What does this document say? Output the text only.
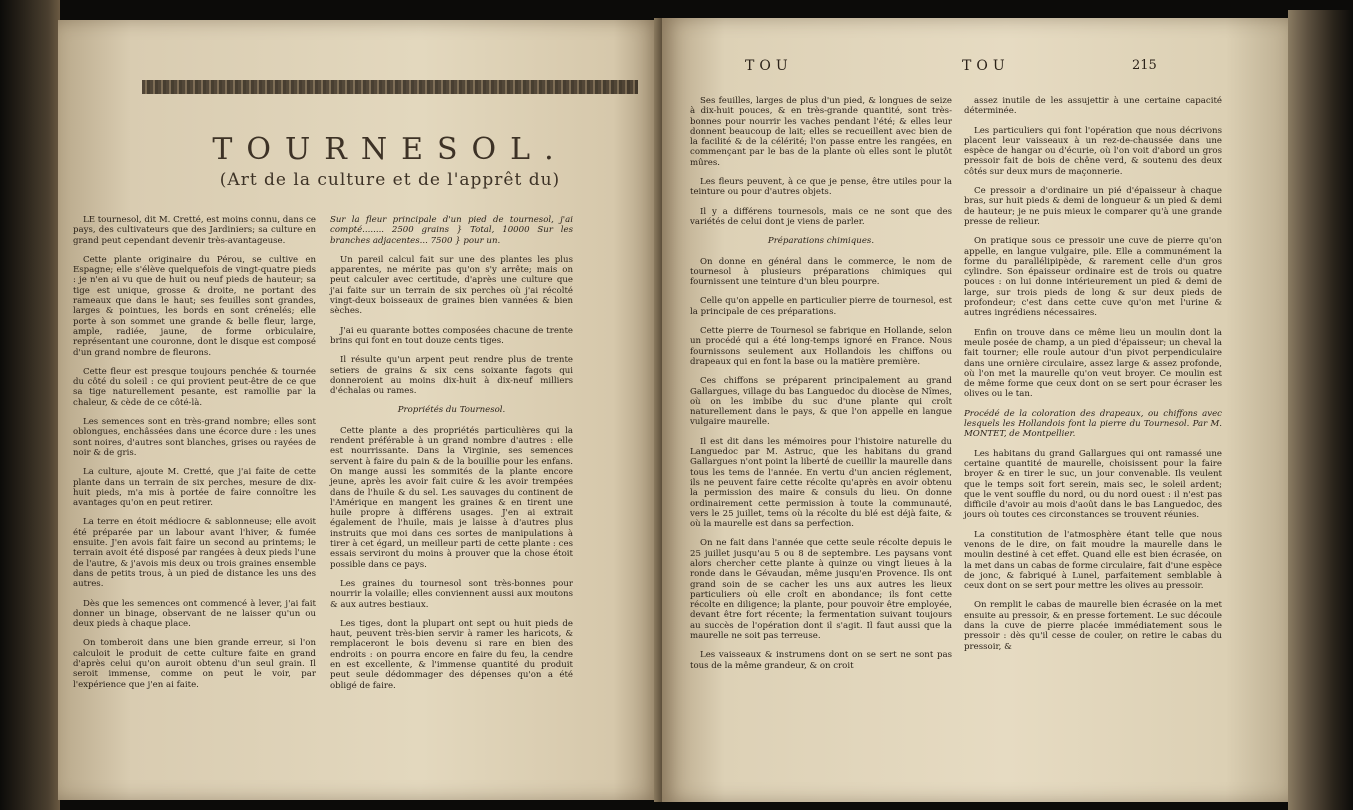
TOURNESOL.
(Art de la culture et de l'apprêt du)

LE tournesol, dit M. Cretté, est moins connu, dans ce pays, des cultivateurs que des Jardiniers; sa culture en grand peut cependant devenir très-avantageuse.

Cette plante originaire du Pérou, se cultive en Espagne; elle s'élève quelquefois de vingt-quatre pieds : je n'en ai vu que de huit ou neuf pieds de hauteur; sa tige est unique, grosse & droite, ne portant des rameaux que dans le haut; ses feuilles sont grandes, larges & pointues, les bords en sont crénelés; elle porte à son sommet une grande & belle fleur, large, ample, radiée, jaune, de forme orbiculaire, représentant une couronne, dont le disque est composé d'un grand nombre de fleurons.

Cette fleur est presque toujours penchée & tournée du côté du soleil : ce qui provient peut-être de ce que sa tige naturellement pesante, est ramollie par la chaleur, & cède de ce côté-là.

Les semences sont en très-grand nombre; elles sont oblongues, enchâssées dans une écorce dure : les unes sont noires, d'autres sont blanches, grises ou rayées de noir & de gris.

La culture, ajoute M. Cretté, que j'ai faite de cette plante dans un terrain de six perches, mesure de dix-huit pieds, m'a mis à portée de faire connoître les avantages qu'on en peut retirer.

La terre en étoit médiocre & sablonneuse; elle avoit été préparée par un labour avant l'hiver, & fumée ensuite. J'en avois fait faire un second au printems; le terrain avoit été disposé par rangées à deux pieds l'une de l'autre, & j'avois mis deux ou trois graines ensemble dans de petits trous, à un pied de distance les uns des autres.

Dès que les semences ont commencé à lever, j'ai fait donner un binage, observant de ne laisser qu'un ou deux pieds à chaque place.

On tomberoit dans une bien grande erreur, si l'on calculoit le produit de cette culture faite en grand d'après celui qu'on auroit obtenu d'un seul grain. Il seroit immense, comme on peut le voir, par l'expérience que j'en ai faite.

Sur la fleur principale d'un pied de tournesol, j'ai compté........ 2500 grains } Total, 10000 Sur les branches adjacentes... 7500 } pour un.

Un pareil calcul fait sur une des plantes les plus apparentes, ne mérite pas qu'on s'y arrête; mais on peut calculer avec certitude, d'après une culture que j'ai faite sur un terrain de six perches où j'ai récolté vingt-deux boisseaux de graines bien vannées & bien sèches.

J'ai eu quarante bottes composées chacune de trente brins qui font en tout douze cents tiges.

Il résulte qu'un arpent peut rendre plus de trente setiers de grains & six cens soixante fagots qui donneroient au moins dix-huit à dix-neuf milliers d'échalas ou rames.

Propriétés du Tournesol.

Cette plante a des propriétés particulières qui la rendent préférable à un grand nombre d'autres : elle est nourrissante. Dans la Virginie, ses semences servent à faire du pain & de la bouillie pour les enfans. On mange aussi les sommités de la plante encore jeune, après les avoir fait cuire & les avoir trempées dans de l'huile & du sel. Les sauvages du continent de l'Amérique en mangent les graines & en tirent une huile propre à différens usages. J'en ai extrait également de l'huile, mais je laisse à d'autres plus instruits que moi dans ces sortes de manipulations à tirer à cet égard, un meilleur parti de cette plante : ces essais serviront du moins à prouver que la chose étoit possible dans ce pays.

Les graines du tournesol sont très-bonnes pour nourrir la volaille; elles conviennent aussi aux moutons & aux autres bestiaux.

Les tiges, dont la plupart ont sept ou huit pieds de haut, peuvent très-bien servir à ramer les haricots, & remplaceront le bois devenu si rare en bien des endroits : on pourra encore en faire du feu, la cendre en est excellente, & l'immense quantité du produit peut seule dédommager des dépenses qu'on a été obligé de faire.

TOU	TOU	215

Ses feuilles, larges de plus d'un pied, & longues de seize à dix-huit pouces, & en très-grande quantité, sont très-bonnes pour nourrir les vaches pendant l'été; & elles leur donnent beaucoup de lait; elles se recueillent avec bien de la facilité & de la célérité; l'on passe entre les rangées, en commençant par le bas de la plante où elles sont le plutôt mûres.

Les fleurs peuvent, à ce que je pense, être utiles pour la teinture ou pour d'autres objets.

Il y a différens tournesols, mais ce ne sont que des variétés de celui dont je viens de parler.

Préparations chimiques.

On donne en général dans le commerce, le nom de tournesol à plusieurs préparations chimiques qui fournissent une teinture d'un bleu pourpre.

Celle qu'on appelle en particulier pierre de tournesol, est la principale de ces préparations.

Cette pierre de Tournesol se fabrique en Hollande, selon un procédé qui a été long-temps ignoré en France. Nous fournissons seulement aux Hollandois les chiffons ou drapeaux qui en font la base ou la matière première.

Ces chiffons se préparent principalement au grand Gallargues, village du bas Languedoc du diocèse de Nîmes, où on les imbibe du suc d'une plante qui croît naturellement dans le pays, & que l'on appelle en langue vulgaire maurelle.

Il est dit dans les mémoires pour l'histoire naturelle du Languedoc par M. Astruc, que les habitans du grand Gallargues n'ont point la liberté de cueillir la maurelle dans tous les tems de l'année. En vertu d'un ancien réglement, ils ne peuvent faire cette récolte qu'après en avoir obtenu la permission des maire & consuls du lieu. On donne ordinairement cette permission à toute la communauté, vers le 25 juillet, tems où la récolte du blé est déjà faite, & où la maurelle est dans sa perfection.

On ne fait dans l'année que cette seule récolte depuis le 25 juillet jusqu'au 5 ou 8 de septembre. Les paysans vont alors chercher cette plante à quinze ou vingt lieues à la ronde dans le Gévaudan, même jusqu'en Provence. Ils ont grand soin de se cacher les uns aux autres les lieux particuliers où elle croît en abondance; ils font cette récolte en diligence; la plante, pour pouvoir être employée, devant être fort récente; la fermentation suivant toujours au succès de l'opération dont il s'agit. Il faut aussi que la maurelle ne soit pas terreuse.

Les vaisseaux & instrumens dont on se sert ne sont pas tous de la même grandeur, & on croit

assez inutile de les assujettir à une certaine capacité déterminée.

Les particuliers qui font l'opération que nous décrivons placent leur vaisseaux à un rez-de-chaussée dans une espèce de hangar ou d'écurie, où l'on voit d'abord un gros pressoir fait de bois de chêne verd, & soutenu des deux côtés sur deux murs de maçonnerie.

Ce pressoir a d'ordinaire un pié d'épaisseur à chaque bras, sur huit pieds & demi de longueur & un pied & demi de hauteur; je ne puis mieux le comparer qu'à une grande presse de relieur.

On pratique sous ce pressoir une cuve de pierre qu'on appelle, en langue vulgaire, pile. Elle a communément la forme du parallélipipède, & rarement celle d'un gros cylindre. Son épaisseur ordinaire est de trois ou quatre pouces : on lui donne intérieurement un pied & demi de large, sur trois pieds de long & sur deux pieds de profondeur; c'est dans cette cuve qu'on met l'urine & autres ingrédiens nécessaires.

Enfin on trouve dans ce même lieu un moulin dont la meule posée de champ, a un pied d'épaisseur; un cheval la fait tourner; elle roule autour d'un pivot perpendiculaire dans une ornière circulaire, assez large & assez profonde, où l'on met la maurelle qu'on veut broyer. Ce moulin est de même forme que ceux dont on se sert pour écraser les olives ou le tan.

Procédé de la coloration des drapeaux, ou chiffons avec lesquels les Hollandois font la pierre du Tournesol. Par M. MONTET, de Montpellier.

Les habitans du grand Gallargues qui ont ramassé une certaine quantité de maurelle, choisissent pour la faire broyer & en tirer le suc, un jour convenable. Ils veulent que le temps soit fort serein, mais sec, le soleil ardent; que le vent souffle du nord, ou du nord ouest : il n'est pas difficile d'avoir au mois d'août dans le bas Languedoc, des jours où toutes ces circonstances se trouvent réunies.

La constitution de l'atmosphère étant telle que nous venons de le dire, on fait moudre la maurelle dans le moulin destiné à cet effet. Quand elle est bien écrasée, on la met dans un cabas de forme circulaire, fait d'une espèce de jonc, & fabriqué à Lunel, parfaitement semblable à ceux dont on se sert pour mettre les olives au pressoir.

On remplit le cabas de maurelle bien écrasée on la met ensuite au pressoir, & en presse fortement. Le suc découle dans la cuve de pierre placée immédiatement sous le pressoir : dès qu'il cesse de couler, on retire le cabas du pressoir, &
